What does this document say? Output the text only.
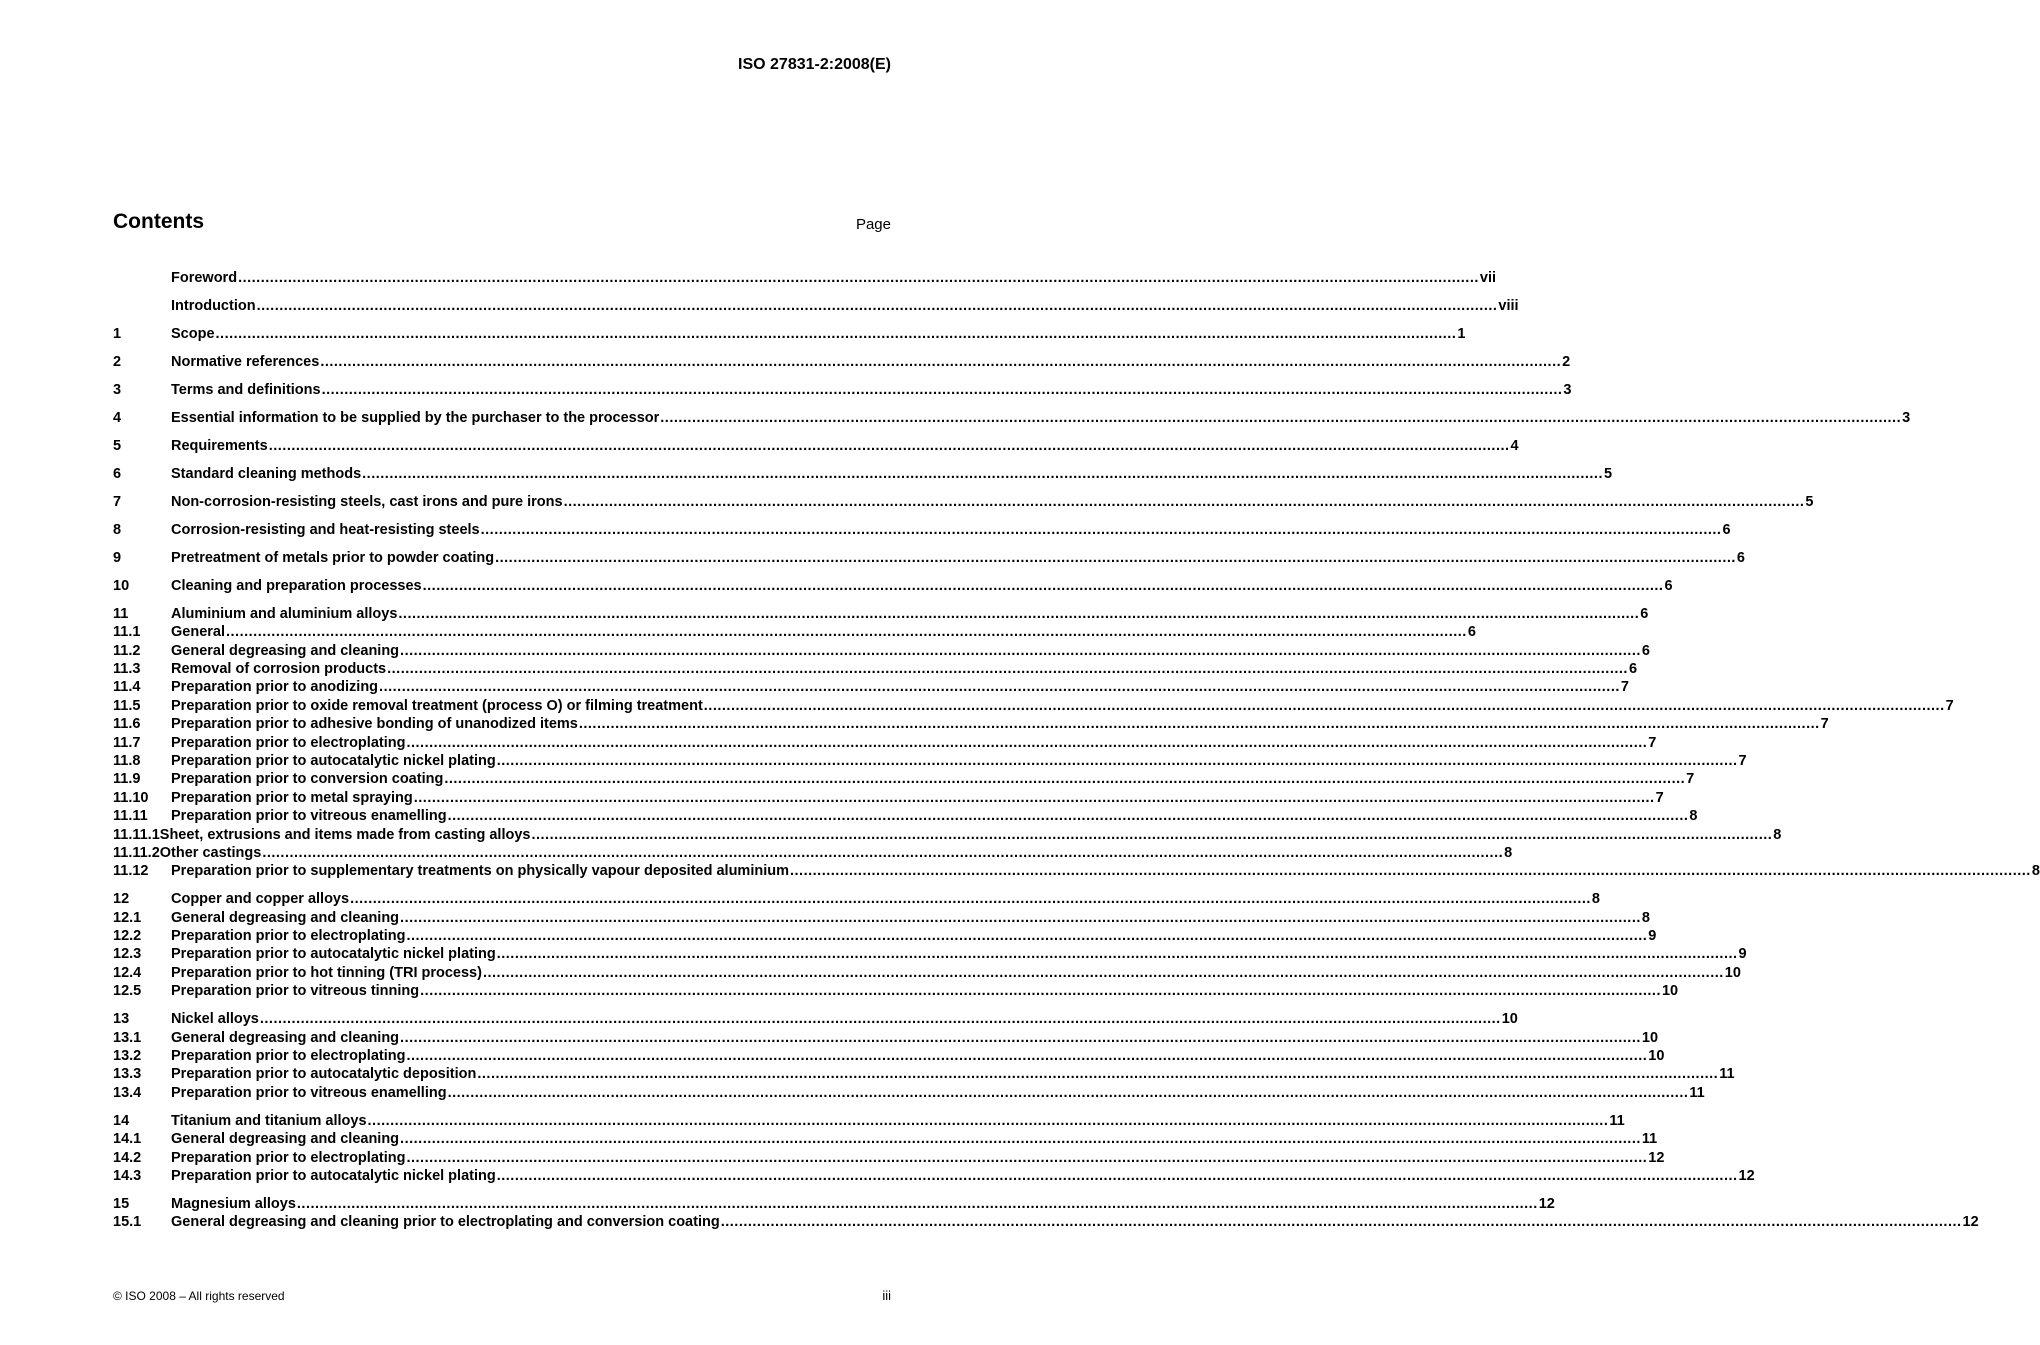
ISO 27831-2:2008(E)
Contents	Page
Foreword .....	vii
Introduction .....	viii
1	Scope .....	1
2	Normative references .....	2
3	Terms and definitions .....	3
4	Essential information to be supplied by the purchaser to the processor .....	3
5	Requirements .....	4
6	Standard cleaning methods .....	5
7	Non-corrosion-resisting steels, cast irons and pure irons .....	5
8	Corrosion-resisting and heat-resisting steels .....	6
9	Pretreatment of metals prior to powder coating .....	6
10	Cleaning and preparation processes .....	6
11	Aluminium and aluminium alloys .....	6
11.1	General .....	6
11.2	General degreasing and cleaning .....	6
11.3	Removal of corrosion products .....	6
11.4	Preparation prior to anodizing .....	7
11.5	Preparation prior to oxide removal treatment (process O) or filming treatment .....	7
11.6	Preparation prior to adhesive bonding of unanodized items .....	7
11.7	Preparation prior to electroplating .....	7
11.8	Preparation prior to autocatalytic nickel plating .....	7
11.9	Preparation prior to conversion coating .....	7
11.10	Preparation prior to metal spraying .....	7
11.11	Preparation prior to vitreous enamelling .....	8
11.11.1 Sheet, extrusions and items made from casting alloys .....	8
11.11.2 Other castings .....	8
11.12	Preparation prior to supplementary treatments on physically vapour deposited aluminium .....	8
12	Copper and copper alloys .....	8
12.1	General degreasing and cleaning .....	8
12.2	Preparation prior to electroplating .....	9
12.3	Preparation prior to autocatalytic nickel plating .....	9
12.4	Preparation prior to hot tinning (TRI process) .....	10
12.5	Preparation prior to vitreous tinning .....	10
13	Nickel alloys .....	10
13.1	General degreasing and cleaning .....	10
13.2	Preparation prior to electroplating .....	10
13.3	Preparation prior to autocatalytic deposition .....	11
13.4	Preparation prior to vitreous enamelling .....	11
14	Titanium and titanium alloys .....	11
14.1	General degreasing and cleaning .....	11
14.2	Preparation prior to electroplating .....	12
14.3	Preparation prior to autocatalytic nickel plating .....	12
15	Magnesium alloys .....	12
15.1	General degreasing and cleaning prior to electroplating and conversion coating .....	12
© ISO 2008 – All rights reserved	iii
